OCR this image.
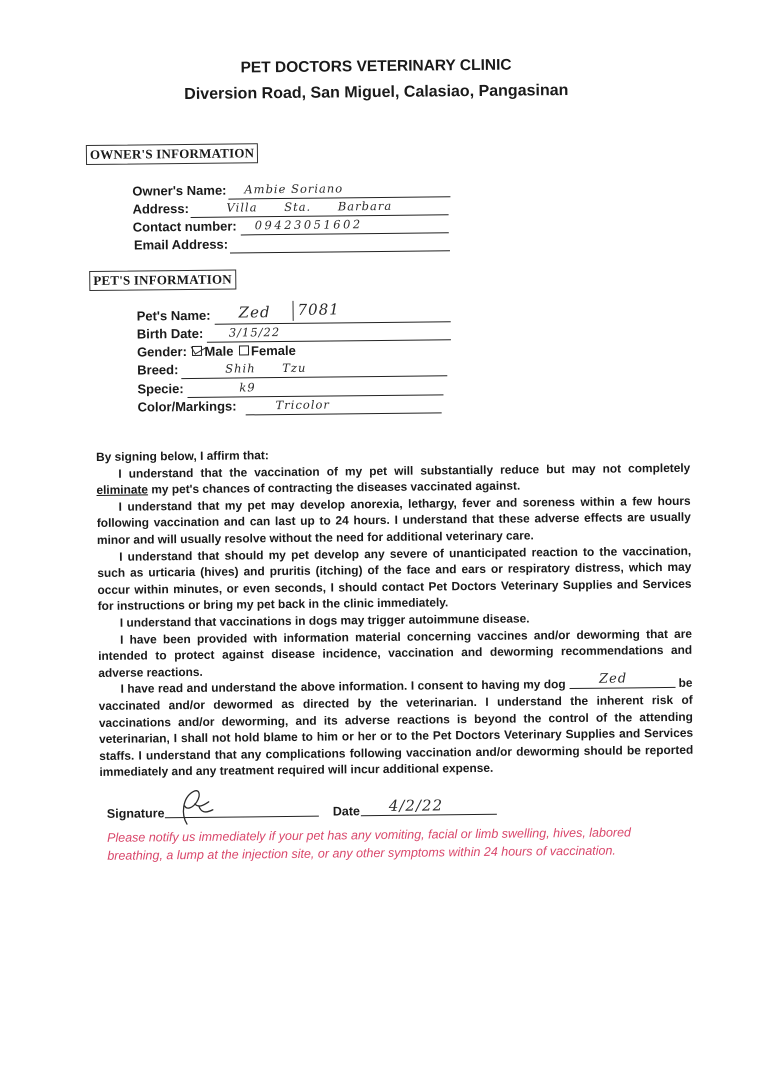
PET DOCTORS VETERINARY CLINIC
Diversion Road, San Miguel, Calasiao, Pangasinan
OWNER'S INFORMATION
Owner's Name: Ambie Soriano
Address:	Villa Sta. Barbara
Contact number: 09423051602
Email Address:
PET'S INFORMATION
Pet's Name: Zed	7081
Birth Date: 3/15/22
Gender: Male Female
Breed:	Shih Tzu
Specie:	k9
Color/Markings:	Tricolor

By signing below, I affirm that:

I understand that the vaccination of my pet will substantially reduce but may not completely eliminate my pet's chances of contracting the diseases vaccinated against.

I understand that my pet may develop anorexia, lethargy, fever and soreness within a few hours following vaccination and can last up to 24 hours. I understand that these adverse effects are usually minor and will usually resolve without the need for additional veterinary care.

I understand that should my pet develop any severe of unanticipated reaction to the vaccination, such as urticaria (hives) and pruritis (itching) of the face and ears or respiratory distress, which may occur within minutes, or even seconds, I should contact Pet Doctors Veterinary Supplies and Services for instructions or bring my pet back in the clinic immediately.

I understand that vaccinations in dogs may trigger autoimmune disease.

I have been provided with information material concerning vaccines and/or deworming that are intended to protect against disease incidence, vaccination and deworming recommendations and adverse reactions.

I have read and understand the above information. I consent to having my dog Zed	be vaccinated and/or dewormed as directed by the veterinarian. I understand the inherent risk of vaccinations and/or deworming, and its adverse reactions is beyond the control of the attending veterinarian, I shall not hold blame to him or her or to the Pet Doctors Veterinary Supplies and Services staffs. I understand that any complications following vaccination and/or deworming should be reported immediately and any treatment required will incur additional expense.

Signature	Date 4/2/22
Please notify us immediately if your pet has any vomiting, facial or limb swelling, hives, labored breathing, a lump at the injection site, or any other symptoms within 24 hours of vaccination.
